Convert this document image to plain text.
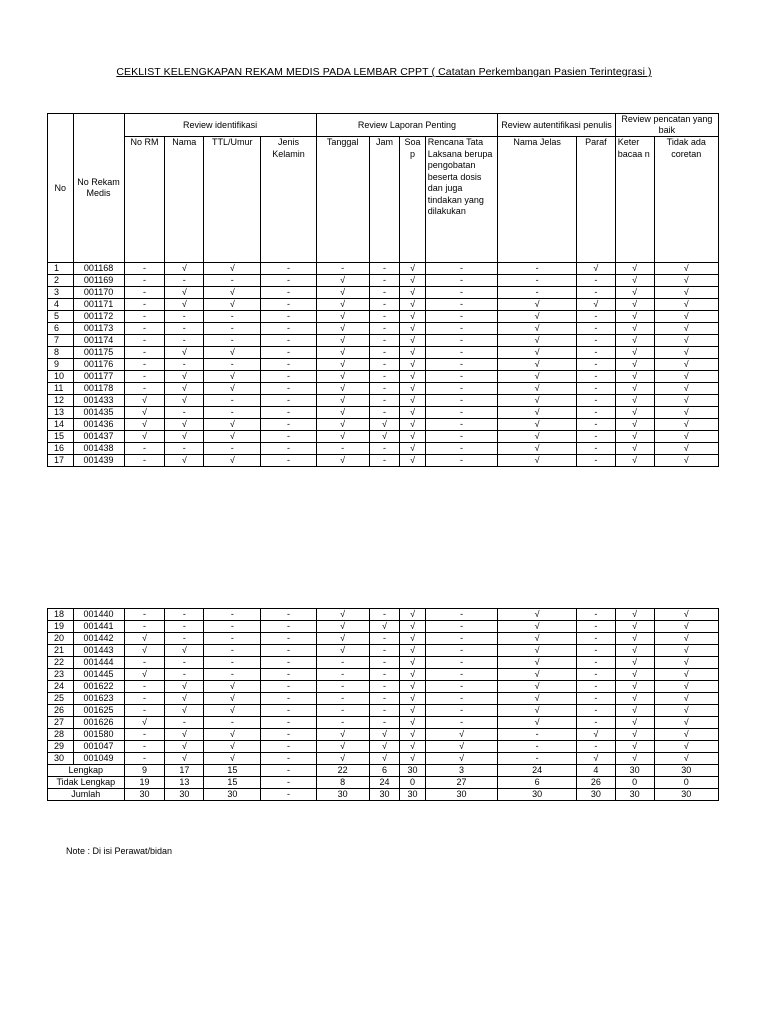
CEKLIST KELENGKAPAN REKAM MEDIS PADA LEMBAR CPPT ( Catatan Perkembangan Pasien Terintegrasi )
No	No Rekam Medis	Review identifikasi				Review Laporan Penting				Review autentifikasi penulis		Review pencatan yang baik	
		No RM	Nama	TTL/Umur	Jenis Kelamin	Tanggal	Jam	Soa p	Rencana Tata Laksana berupa pengobatan beserta dosis dan juga tindakan yang dilakukan	Nama Jelas	Paraf	Keter bacaa n	Tidak ada coretan
1	001168	-	√	√	-	-	-	√	-	-	√	√	√
2	001169	-	-	-	-	√	-	√	-	-	-	√	√
3	001170	-	√	√	-	√	-	√	-	-	-	√	√
4	001171	-	√	√	-	√	-	√	-	√	√	√	√
5	001172	-	-	-	-	√	-	√	-	√	-	√	√
6	001173	-	-	-	-	√	-	√	-	√	-	√	√
7	001174	-	-	-	-	√	-	√	-	√	-	√	√
8	001175	-	√	√	-	√	-	√	-	√	-	√	√
9	001176	-	-	-	-	√	-	√	-	√	-	√	√
10	001177	-	√	√	-	√	-	√	-	√	-	√	√
11	001178	-	√	√	-	√	-	√	-	√	-	√	√
12	001433	√	√	-	-	√	-	√	-	√	-	√	√
13	001435	√	-	-	-	√	-	√	-	√	-	√	√
14	001436	√	√	√	-	√	√	√	-	√	-	√	√
15	001437	√	√	√	-	√	√	√	-	√	-	√	√
16	001438	-	-	-	-	-	-	√	-	√	-	√	√
17	001439	-	√	√	-	√	-	√	-	√	-	√	√
18	001440	-	-	-	-	√	-	√	-	√	-	√	√
19	001441	-	-	-	-	√	√	√	-	√	-	√	√
20	001442	√	-	-	-	√	-	√	-	√	-	√	√
21	001443	√	√	-	-	√	-	√	-	√	-	√	√
22	001444	-	-	-	-	-	-	√	-	√	-	√	√
23	001445	√	-	-	-	-	-	√	-	√	-	√	√
24	001622	-	√	√	-	-	-	√	-	√	-	√	√
25	001623	-	√	√	-	-	-	√	-	√	-	√	√
26	001625	-	√	√	-	-	-	√	-	√	-	√	√
27	001626	√	-	-	-	-	-	√	-	√	-	√	√
28	001580	-	√	√	-	√	√	√	√	-	√	√	√
29	001047	-	√	√	-	√	√	√	√	-	-	√	√
30	001049	-	√	√	-	√	√	√	√	-	√	√	√
Lengkap		9	17	15	-	22	6	30	3	24	4	30	30
Tidak Lengkap		19	13	15	-	8	24	0	27	6	26	0	0
Jumlah		30	30	30	-	30	30	30	30	30	30	30	30
Note : Di isi Perawat/bidan
